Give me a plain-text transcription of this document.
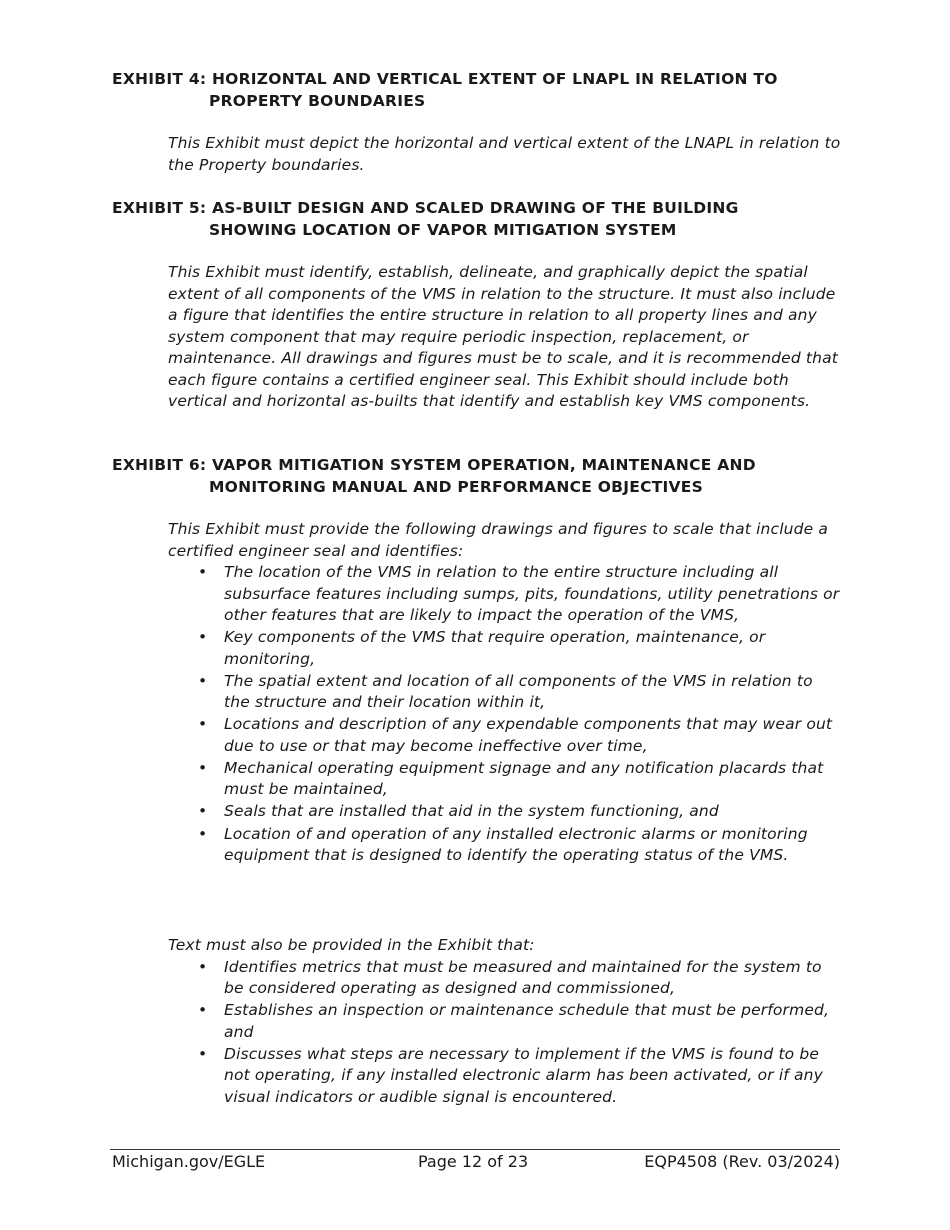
EXHIBIT 4: HORIZONTAL AND VERTICAL EXTENT OF LNAPL IN RELATION TO
PROPERTY BOUNDARIES

This Exhibit must depict the horizontal and vertical extent of the LNAPL in relation to the Property boundaries.

EXHIBIT 5: AS-BUILT DESIGN AND SCALED DRAWING OF THE BUILDING
SHOWING LOCATION OF VAPOR MITIGATION SYSTEM

This Exhibit must identify, establish, delineate, and graphically depict the spatial extent of all components of the VMS in relation to the structure. It must also include a figure that identifies the entire structure in relation to all property lines and any system component that may require periodic inspection, replacement, or maintenance. All drawings and figures must be to scale, and it is recommended that each figure contains a certified engineer seal. This Exhibit should include both vertical and horizontal as-builts that identify and establish key VMS components.

EXHIBIT 6: VAPOR MITIGATION SYSTEM OPERATION, MAINTENANCE AND
MONITORING MANUAL AND PERFORMANCE OBJECTIVES

This Exhibit must provide the following drawings and figures to scale that include a certified engineer seal and identifies:

• The location of the VMS in relation to the entire structure including all subsurface features including sumps, pits, foundations, utility penetrations or other features that are likely to impact the operation of the VMS,
• Key components of the VMS that require operation, maintenance, or monitoring,
• The spatial extent and location of all components of the VMS in relation to the structure and their location within it,
• Locations and description of any expendable components that may wear out due to use or that may become ineffective over time,
• Mechanical operating equipment signage and any notification placards that must be maintained,
• Seals that are installed that aid in the system functioning, and
• Location of and operation of any installed electronic alarms or monitoring equipment that is designed to identify the operating status of the VMS.

Text must also be provided in the Exhibit that:

• Identifies metrics that must be measured and maintained for the system to be considered operating as designed and commissioned,
• Establishes an inspection or maintenance schedule that must be performed, and
• Discusses what steps are necessary to implement if the VMS is found to be not operating, if any installed electronic alarm has been activated, or if any visual indicators or audible signal is encountered.
Michigan.gov/EGLE	Page 12 of 23	EQP4508 (Rev. 03/2024)
